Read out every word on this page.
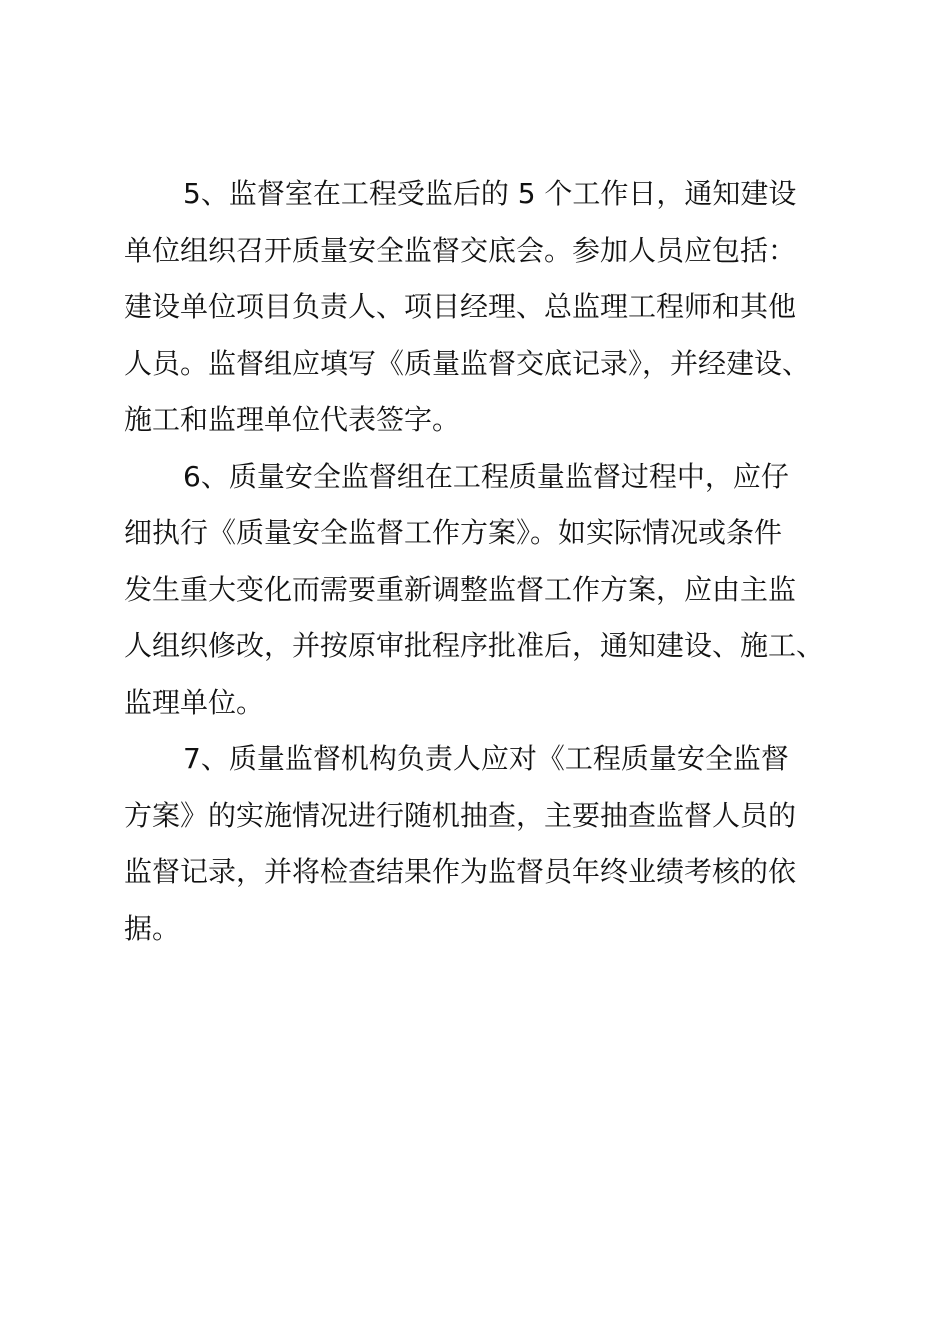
5、监督室在工程受监后的 5 个工作日，通知建设
单位组织召开质量安全监督交底会。参加人员应包括：
建设单位项目负责人、项目经理、总监理工程师和其他
人员。监督组应填写《质量监督交底记录》，并经建设、
施工和监理单位代表签字。
6、质量安全监督组在工程质量监督过程中，应仔
细执行《质量安全监督工作方案》。如实际情况或条件
发生重大变化而需要重新调整监督工作方案，应由主监
人组织修改，并按原审批程序批准后，通知建设、施工、
监理单位。
7、质量监督机构负责人应对《工程质量安全监督
方案》的实施情况进行随机抽查，主要抽查监督人员的
监督记录，并将检查结果作为监督员年终业绩考核的依
据。
